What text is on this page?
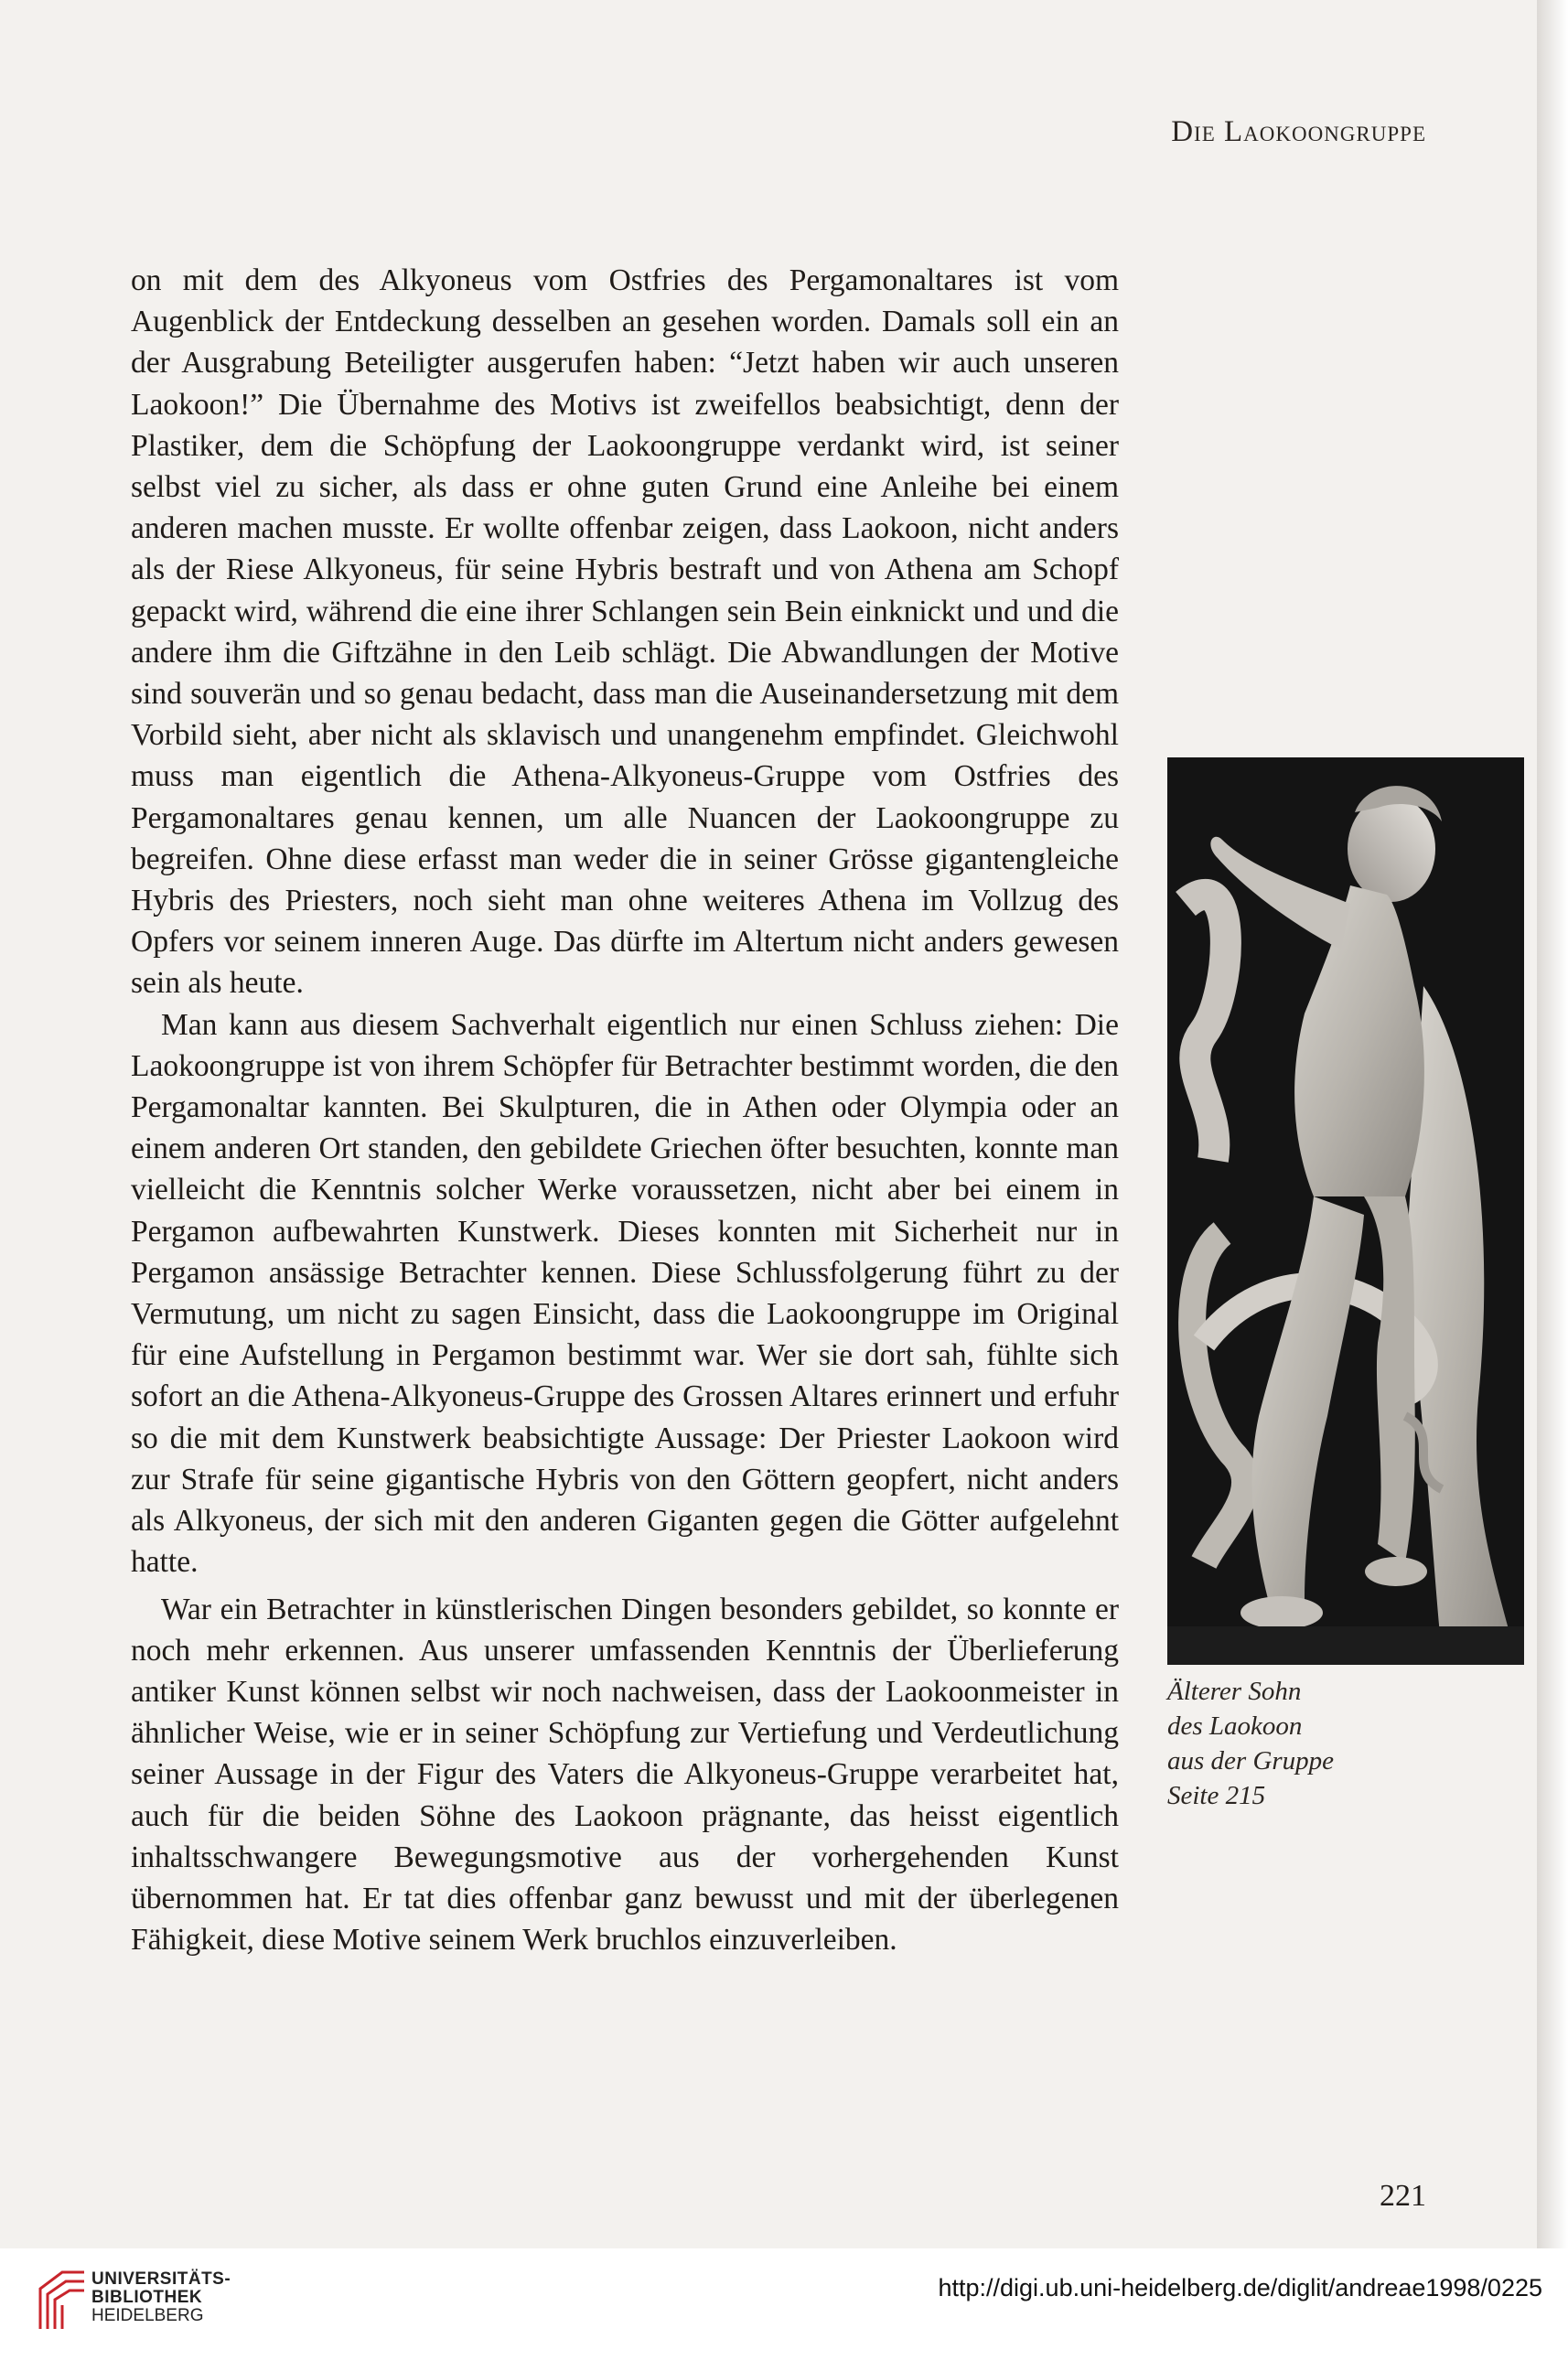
Die Laokoongruppe

on mit dem des Alkyoneus vom Ostfries des Pergamonaltares ist vom Augenblick der Entdeckung desselben an gesehen worden. Damals soll ein an der Ausgrabung Beteiligter ausgerufen haben: “Jetzt haben wir auch unseren Laokoon!” Die Übernahme des Motivs ist zweifellos beabsichtigt, denn der Plastiker, dem die Schöpfung der Laokoongruppe verdankt wird, ist seiner selbst viel zu sicher, als dass er ohne guten Grund eine Anleihe bei einem anderen machen musste. Er wollte offenbar zeigen, dass Laokoon, nicht anders als der Riese Alkyoneus, für seine Hybris bestraft und von Athena am Schopf gepackt wird, während die eine ihrer Schlangen sein Bein einknickt und und die andere ihm die Giftzähne in den Leib schlägt. Die Abwandlungen der Motive sind souverän und so genau bedacht, dass man die Auseinandersetzung mit dem Vorbild sieht, aber nicht als sklavisch und unangenehm empfindet. Gleichwohl muss man eigentlich die Athena-Alkyoneus-Gruppe vom Ostfries des Pergamonaltares genau kennen, um alle Nuancen der Laokoongruppe zu begreifen. Ohne diese erfasst man weder die in seiner Grösse gigantengleiche Hybris des Priesters, noch sieht man ohne weiteres Athena im Vollzug des Opfers vor seinem inneren Auge. Das dürfte im Altertum nicht anders gewesen sein als heute.

Man kann aus diesem Sachverhalt eigentlich nur einen Schluss ziehen: Die Laokoongruppe ist von ihrem Schöpfer für Betrachter bestimmt worden, die den Pergamonaltar kannten. Bei Skulpturen, die in Athen oder Olympia oder an einem anderen Ort standen, den gebildete Griechen öfter besuchten, konnte man vielleicht die Kenntnis solcher Werke voraussetzen, nicht aber bei einem in Pergamon aufbewahrten Kunstwerk. Dieses konnten mit Sicherheit nur in Pergamon ansässige Betrachter kennen. Diese Schlussfolgerung führt zu der Vermutung, um nicht zu sagen Einsicht, dass die Laokoongruppe im Original für eine Aufstellung in Pergamon bestimmt war. Wer sie dort sah, fühlte sich sofort an die Athena-Alkyoneus-Gruppe des Grossen Altares erinnert und erfuhr so die mit dem Kunstwerk beabsichtigte Aussage: Der Priester Laokoon wird zur Strafe für seine gigantische Hybris von den Göttern geopfert, nicht anders als Alkyoneus, der sich mit den anderen Giganten gegen die Götter aufgelehnt hatte.

War ein Betrachter in künstlerischen Dingen besonders gebildet, so konnte er noch mehr erkennen. Aus unserer umfassenden Kenntnis der Überlieferung antiker Kunst können selbst wir noch nachweisen, dass der Laokoonmeister in ähnlicher Weise, wie er in seiner Schöpfung zur Vertiefung und Verdeutlichung seiner Aussage in der Figur des Vaters die Alkyoneus-Gruppe verarbeitet hat, auch für die beiden Söhne des Laokoon prägnante, das heisst eigentlich inhaltsschwangere Bewegungsmotive aus der vorhergehenden Kunst übernommen hat. Er tat dies offenbar ganz bewusst und mit der überlegenen Fähigkeit, diese Motive seinem Werk bruchlos einzuverleiben.

Älterer Sohn
des Laokoon
aus der Gruppe
Seite 215
221
UNIVERSITÄTS-
BIBLIOTHEK
HEIDELBERG
http://digi.ub.uni-heidelberg.de/diglit/andreae1998/0225
